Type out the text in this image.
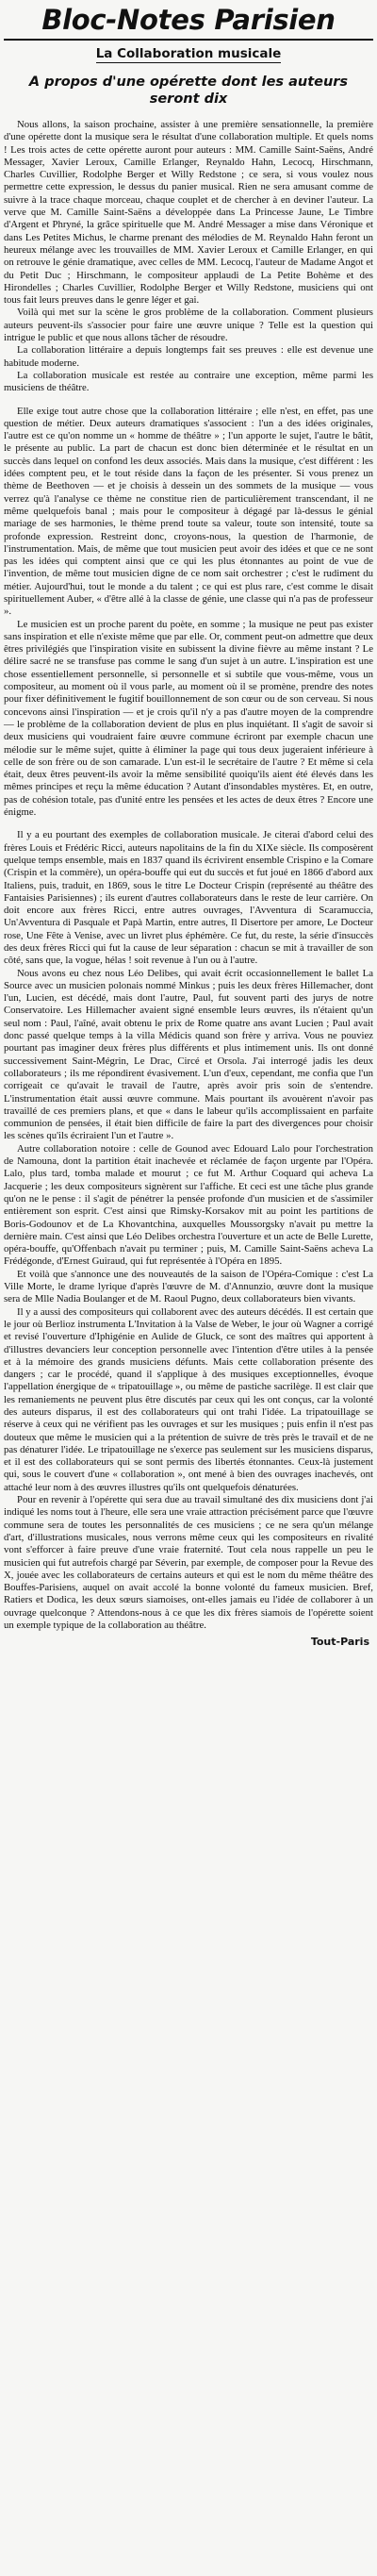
Bloc-Notes Parisien
La Collaboration musicale
A propos d'une opérette dont les auteurs seront dix

Nous allons, la saison prochaine, assister à une première sensationnelle, la première d'une opérette dont la musique sera le résultat d'une collaboration multiple. Et quels noms ! Les trois actes de cette opérette auront pour auteurs : MM. Camille Saint-Saëns, André Messager, Xavier Leroux, Camille Erlanger, Reynaldo Hahn, Lecocq, Hirschmann, Charles Cuvillier, Rodolphe Berger et Willy Redstone ; ce sera, si vous voulez nous permettre cette expression, le dessus du panier musical. Rien ne sera amusant comme de suivre à la trace chaque morceau, chaque couplet et de chercher à en deviner l'auteur. La verve que M. Camille Saint-Saëns a développée dans La Princesse Jaune, Le Timbre d'Argent et Phryné, la grâce spirituelle que M. André Messager a mise dans Véronique et dans Les Petites Michus, le charme prenant des mélodies de M. Reynaldo Hahn feront un heureux mélange avec les trouvailles de MM. Xavier Leroux et Camille Erlanger, en qui on retrouve le génie dramatique, avec celles de MM. Lecocq, l'auteur de Madame Angot et du Petit Duc ; Hirschmann, le compositeur applaudi de La Petite Bohème et des Hirondelles ; Charles Cuvillier, Rodolphe Berger et Willy Redstone, musiciens qui ont tous fait leurs preuves dans le genre léger et gai.

Voilà qui met sur la scène le gros problème de la collaboration. Comment plusieurs auteurs peuvent-ils s'associer pour faire une œuvre unique ? Telle est la question qui intrigue le public et que nous allons tâcher de résoudre.

La collaboration littéraire a depuis longtemps fait ses preuves : elle est devenue une habitude moderne.

La collaboration musicale est restée au contraire une exception, même parmi les musiciens de théâtre.

Elle exige tout autre chose que la collaboration littéraire ; elle n'est, en effet, pas une question de métier. Deux auteurs dramatiques s'associent : l'un a des idées originales, l'autre est ce qu'on nomme un « homme de théâtre » ; l'un apporte le sujet, l'autre le bâtit, le présente au public. La part de chacun est donc bien déterminée et le résultat en un succès dans lequel on confond les deux associés. Mais dans la musique, c'est différent : les idées comptent peu, et le tout réside dans la façon de les présenter. Si vous prenez un thème de Beethoven — et je choisis à dessein un des sommets de la musique — vous verrez qu'à l'analyse ce thème ne constitue rien de particulièrement transcendant, il ne même quelquefois banal ; mais pour le compositeur à dégagé par là-dessus le génial mariage de ses harmonies, le thème prend toute sa valeur, toute son intensité, toute sa profonde expression. Restreint donc, croyons-nous, la question de l'harmonie, de l'instrumentation. Mais, de même que tout musicien peut avoir des idées et que ce ne sont pas les idées qui comptent ainsi que ce qui les plus étonnantes au point de vue de l'invention, de même tout musicien digne de ce nom sait orchestrer ; c'est le rudiment du métier. Aujourd'hui, tout le monde a du talent ; ce qui est plus rare, c'est comme le disait spirituellement Auber, « d'être allé à la classe de génie, une classe qui n'a pas de professeur ».

Le musicien est un proche parent du poète, en somme ; la musique ne peut pas exister sans inspiration et elle n'existe même que par elle. Or, comment peut-on admettre que deux êtres privilégiés que l'inspiration visite en subissent la divine fièvre au même instant ? Le délire sacré ne se transfuse pas comme le sang d'un sujet à un autre. L'inspiration est une chose essentiellement personnelle, si personnelle et si subtile que vous-même, vous un compositeur, au moment où il vous parle, au moment où il se promène, prendre des notes pour fixer définitivement le fugitif bouillonnement de son cœur ou de son cerveau. Si nous concevons ainsi l'inspiration — et je crois qu'il n'y a pas d'autre moyen de la comprendre — le problème de la collaboration devient de plus en plus inquiétant. Il s'agit de savoir si deux musiciens qui voudraient faire œuvre commune écriront par exemple chacun une mélodie sur le même sujet, quitte à éliminer la page qui tous deux jugeraient inférieure à celle de son frère ou de son camarade. L'un est-il le secrétaire de l'autre ? Et même si cela était, deux êtres peuvent-ils avoir la même sensibilité quoiqu'ils aient été élevés dans les mêmes principes et reçu la même éducation ? Autant d'insondables mystères. Et, en outre, pas de cohésion totale, pas d'unité entre les pensées et les actes de deux êtres ? Encore une énigme.

Il y a eu pourtant des exemples de collaboration musicale. Je citerai d'abord celui des frères Louis et Frédéric Ricci, auteurs napolitains de la fin du XIXe siècle. Ils composèrent quelque temps ensemble, mais en 1837 quand ils écrivirent ensemble Crispino e la Comare (Crispin et la commère), un opéra-bouffe qui eut du succès et fut joué en 1866 d'abord aux Italiens, puis, traduit, en 1869, sous le titre Le Docteur Crispin (représenté au théâtre des Fantaisies Parisiennes) ; ils eurent d'autres collaborateurs dans le reste de leur carrière. On doit encore aux frères Ricci, entre autres ouvrages, l'Avventura di Scaramuccia, Un'Avventura di Pasquale et Papà Martin, entre autres, Il Disertore per amore, Le Docteur rose, Une Fête à Venise, avec un livret plus éphémère. Ce fut, du reste, la série d'insuccès des deux frères Ricci qui fut la cause de leur séparation : chacun se mit à travailler de son côté, sans que, la vogue, hélas ! soit revenue à l'un ou à l'autre.

Nous avons eu chez nous Léo Delibes, qui avait écrit occasionnellement le ballet La Source avec un musicien polonais nommé Minkus ; puis les deux frères Hillemacher, dont l'un, Lucien, est décédé, mais dont l'autre, Paul, fut souvent parti des jurys de notre Conservatoire. Les Hillemacher avaient signé ensemble leurs œuvres, ils n'étaient qu'un seul nom : Paul, l'aîné, avait obtenu le prix de Rome quatre ans avant Lucien ; Paul avait donc passé quelque temps à la villa Médicis quand son frère y arriva. Vous ne pouviez pourtant pas imaginer deux frères plus différents et plus intimement unis. Ils ont donné successivement Saint-Mégrin, Le Drac, Circé et Orsola. J'ai interrogé jadis les deux collaborateurs ; ils me répondirent évasivement. L'un d'eux, cependant, me confia que l'un corrigeait ce qu'avait le travail de l'autre, après avoir pris soin de s'entendre. L'instrumentation était aussi œuvre commune. Mais pourtant ils avouèrent n'avoir pas travaillé de ces premiers plans, et que « dans le labeur qu'ils accomplissaient en parfaite communion de pensées, il était bien difficile de faire la part des divergences pour choisir les scènes qu'ils écriraient l'un et l'autre ».

Autre collaboration notoire : celle de Gounod avec Edouard Lalo pour l'orchestration de Namouna, dont la partition était inachevée et réclamée de façon urgente par l'Opéra. Lalo, plus tard, tomba malade et mourut ; ce fut M. Arthur Coquard qui acheva La Jacquerie ; les deux compositeurs signèrent sur l'affiche. Et ceci est une tâche plus grande qu'on ne le pense : il s'agit de pénétrer la pensée profonde d'un musicien et de s'assimiler entièrement son esprit. C'est ainsi que Rimsky-Korsakov mit au point les partitions de Boris-Godounov et de La Khovantchina, auxquelles Moussorgsky n'avait pu mettre la dernière main. C'est ainsi que Léo Delibes orchestra l'ouverture et un acte de Belle Lurette, opéra-bouffe, qu'Offenbach n'avait pu terminer ; puis, M. Camille Saint-Saëns acheva La Frédégonde, d'Ernest Guiraud, qui fut représentée à l'Opéra en 1895.

Et voilà que s'annonce une des nouveautés de la saison de l'Opéra-Comique : c'est La Ville Morte, le drame lyrique d'après l'œuvre de M. d'Annunzio, œuvre dont la musique sera de Mlle Nadia Boulanger et de M. Raoul Pugno, deux collaborateurs bien vivants.

Il y a aussi des compositeurs qui collaborent avec des auteurs décédés. Il est certain que le jour où Berlioz instrumenta L'Invitation à la Valse de Weber, le jour où Wagner a corrigé et revisé l'ouverture d'Iphigénie en Aulide de Gluck, ce sont des maîtres qui apportent à d'illustres devanciers leur conception personnelle avec l'intention d'être utiles à la pensée et à la mémoire des grands musiciens défunts. Mais cette collaboration présente des dangers ; car le procédé, quand il s'applique à des musiques exceptionnelles, évoque l'appellation énergique de « tripatouillage », ou même de pastiche sacrilège. Il est clair que les remaniements ne peuvent plus être discutés par ceux qui les ont conçus, car la volonté des auteurs disparus, il est des collaborateurs qui ont trahi l'idée. La tripatouillage se réserve à ceux qui ne vérifient pas les ouvrages et sur les musiques ; puis enfin il n'est pas douteux que même le musicien qui a la prétention de suivre de très près le travail et de ne pas dénaturer l'idée. Le tripatouillage ne s'exerce pas seulement sur les musiciens disparus, et il est des collaborateurs qui se sont permis des libertés étonnantes. Ceux-là justement qui, sous le couvert d'une « collaboration », ont mené à bien des ouvrages inachevés, ont attaché leur nom à des œuvres illustres qu'ils ont quelquefois dénaturées.

Pour en revenir à l'opérette qui sera due au travail simultané des dix musiciens dont j'ai indiqué les noms tout à l'heure, elle sera une vraie attraction précisément parce que l'œuvre commune sera de toutes les personnalités de ces musiciens ; ce ne sera qu'un mélange d'art, d'illustrations musicales, nous verrons même ceux qui les compositeurs en rivalité vont s'efforcer à faire preuve d'une vraie fraternité. Tout cela nous rappelle un peu le musicien qui fut autrefois chargé par Séverin, par exemple, de composer pour la Revue des X, jouée avec les collaborateurs de certains auteurs et qui est le nom du même théâtre des Bouffes-Parisiens, auquel on avait accolé la bonne volonté du fameux musicien. Bref, Ratiers et Dodica, les deux sœurs siamoises, ont-elles jamais eu l'idée de collaborer à un ouvrage quelconque ? Attendons-nous à ce que les dix frères siamois de l'opérette soient un exemple typique de la collaboration au théâtre.

Tout-Paris
